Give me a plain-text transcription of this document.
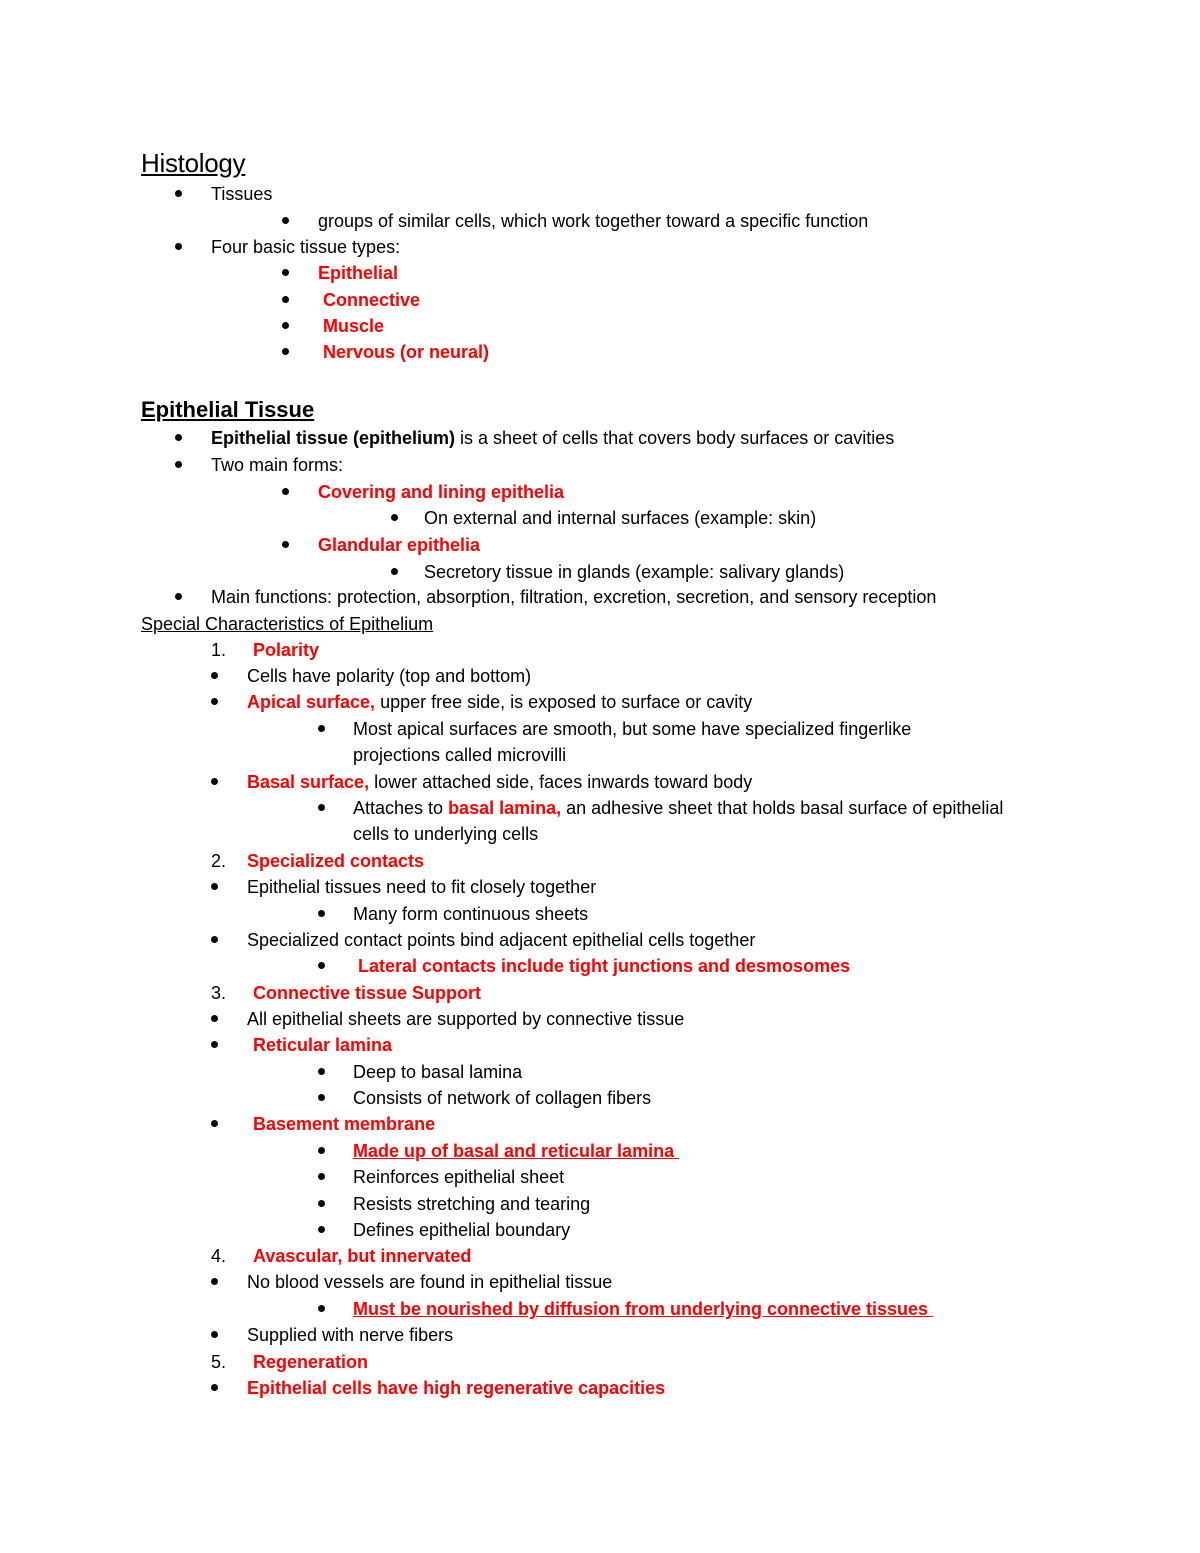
Histology
Tissues
groups of similar cells, which work together toward a specific function
Four basic tissue types:
Epithelial
Connective
Muscle
Nervous (or neural)
Epithelial Tissue
Epithelial tissue (epithelium) is a sheet of cells that covers body surfaces or cavities
Two main forms:
Covering and lining epithelia
On external and internal surfaces (example: skin)
Glandular epithelia
Secretory tissue in glands (example: salivary glands)
Main functions: protection, absorption, filtration, excretion, secretion, and sensory reception
Special Characteristics of Epithelium
1. Polarity
Cells have polarity (top and bottom)
Apical surface, upper free side, is exposed to surface or cavity
Most apical surfaces are smooth, but some have specialized fingerlike
projections called microvilli
Basal surface, lower attached side, faces inwards toward body
Attaches to basal lamina, an adhesive sheet that holds basal surface of epithelial
cells to underlying cells
2. Specialized contacts
Epithelial tissues need to fit closely together
Many form continuous sheets
Specialized contact points bind adjacent epithelial cells together
Lateral contacts include tight junctions and desmosomes
3. Connective tissue Support
All epithelial sheets are supported by connective tissue
Reticular lamina
Deep to basal lamina
Consists of network of collagen fibers
Basement membrane
Made up of basal and reticular lamina
Reinforces epithelial sheet
Resists stretching and tearing
Defines epithelial boundary
4. Avascular, but innervated
No blood vessels are found in epithelial tissue
Must be nourished by diffusion from underlying connective tissues
Supplied with nerve fibers
5. Regeneration
Epithelial cells have high regenerative capacities
